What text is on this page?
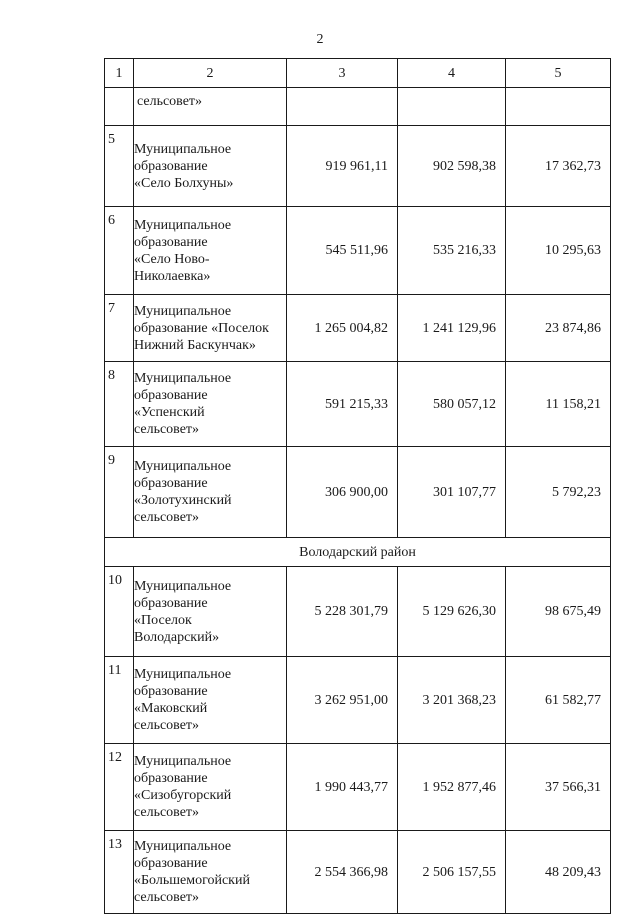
2
1	2	3	4	5
	сельсовет»			
5	Муниципальное
образование
«Село Болхуны»	919 961,11	902 598,38	17 362,73
6	Муниципальное
образование
«Село Ново-
Николаевка»	545 511,96	535 216,33	10 295,63
7	Муниципальное
образование «Поселок
Нижний Баскунчак»	1 265 004,82	1 241 129,96	23 874,86
8	Муниципальное
образование
«Успенский
сельсовет»	591 215,33	580 057,12	11 158,21
9	Муниципальное
образование
«Золотухинский
сельсовет»	306 900,00	301 107,77	5 792,23
Володарский район				
10	Муниципальное
образование
«Поселок
Володарский»	5 228 301,79	5 129 626,30	98 675,49
11	Муниципальное
образование
«Маковский
сельсовет»	3 262 951,00	3 201 368,23	61 582,77
12	Муниципальное
образование
«Сизобугорский
сельсовет»	1 990 443,77	1 952 877,46	37 566,31
13	Муниципальное
образование
«Большемогойский
сельсовет»	2 554 366,98	2 506 157,55	48 209,43
